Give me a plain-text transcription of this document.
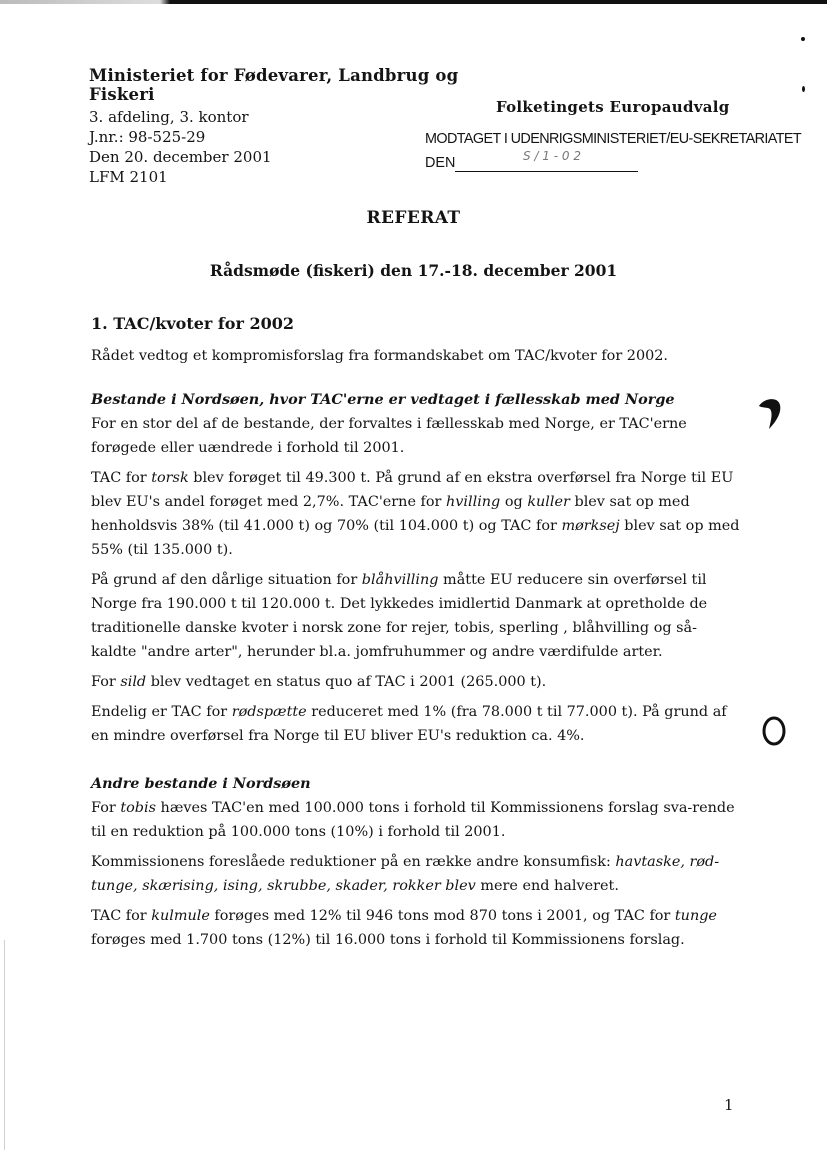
Ministeriet for Fødevarer, Landbrug og Fiskeri
3. afdeling, 3. kontor
J.nr.: 98-525-29
Den 20. december 2001
LFM 2101
Folketingets Europaudvalg
MODTAGET I UDENRIGSMINISTERIET/EU-SEKRETARIATET
DEN	S / 1 - 0 2
REFERAT
Rådsmøde (fiskeri) den 17.-18. december 2001
1. TAC/kvoter for 2002

Rådet vedtog et kompromisforslag fra formandskabet om TAC/kvoter for 2002.

Bestande i Nordsøen, hvor TAC'erne er vedtaget i fællesskab med Norge

For en stor del af de bestande, der forvaltes i fællesskab med Norge, er TAC'erne forøgede eller uændrede i forhold til 2001.

TAC for torsk blev forøget til 49.300 t. På grund af en ekstra overførsel fra Norge til EU blev EU's andel forøget med 2,7%. TAC'erne for hvilling og kuller blev sat op med henholdsvis 38% (til 41.000 t) og 70% (til 104.000 t) og TAC for mørksej blev sat op med 55% (til 135.000 t).

På grund af den dårlige situation for blåhvilling måtte EU reducere sin overførsel til Norge fra 190.000 t til 120.000 t. Det lykkedes imidlertid Danmark at opretholde de traditionelle danske kvoter i norsk zone for rejer, tobis, sperling , blåhvilling og så-kaldte "andre arter", herunder bl.a. jomfruhummer og andre værdifulde arter.

For sild blev vedtaget en status quo af TAC i 2001 (265.000 t).

Endelig er TAC for rødspætte reduceret med 1% (fra 78.000 t til 77.000 t). På grund af en mindre overførsel fra Norge til EU bliver EU's reduktion ca. 4%.

Andre bestande i Nordsøen

For tobis hæves TAC'en med 100.000 tons i forhold til Kommissionens forslag sva-rende til en reduktion på 100.000 tons (10%) i forhold til 2001.

Kommissionens foreslåede reduktioner på en række andre konsumfisk: havtaske, rød-tunge, skærising, ising, skrubbe, skader, rokker blev mere end halveret.

TAC for kulmule forøges med 12% til 946 tons mod 870 tons i 2001, og TAC for tunge forøges med 1.700 tons (12%) til 16.000 tons i forhold til Kommissionens forslag.

1
